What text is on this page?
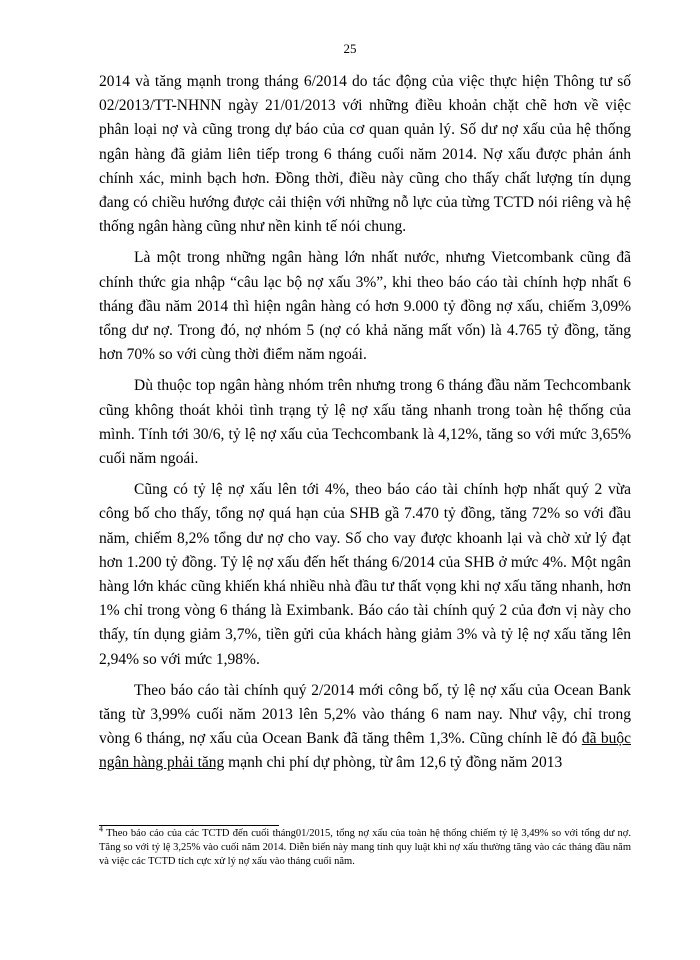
25

2014 và tăng mạnh trong tháng 6/2014 do tác động của việc thực hiện Thông tư số 02/2013/TT-NHNN ngày 21/01/2013 với những điều khoản chặt chẽ hơn về việc phân loại nợ và cũng trong dự báo của cơ quan quản lý. Số dư nợ xấu của hệ thống ngân hàng đã giảm liên tiếp trong 6 tháng cuối năm 2014. Nợ xấu được phản ánh chính xác, minh bạch hơn. Đồng thời, điều này cũng cho thấy chất lượng tín dụng đang có chiều hướng được cải thiện với những nỗ lực của từng TCTD nói riêng và hệ thống ngân hàng cũng như nền kinh tế nói chung.

Là một trong những ngân hàng lớn nhất nước, nhưng Vietcombank cũng đã chính thức gia nhập “câu lạc bộ nợ xấu 3%”, khi theo báo cáo tài chính hợp nhất 6 tháng đầu năm 2014 thì hiện ngân hàng có hơn 9.000 tỷ đồng nợ xấu, chiếm 3,09% tổng dư nợ. Trong đó, nợ nhóm 5 (nợ có khả năng mất vốn) là 4.765 tỷ đồng, tăng hơn 70% so với cùng thời điểm năm ngoái.

Dù thuộc top ngân hàng nhóm trên nhưng trong 6 tháng đầu năm Techcombank cũng không thoát khỏi tình trạng tỷ lệ nợ xấu tăng nhanh trong toàn hệ thống của mình. Tính tới 30/6, tỷ lệ nợ xấu của Techcombank là 4,12%, tăng so với mức 3,65% cuối năm ngoái.

Cũng có tỷ lệ nợ xấu lên tới 4%, theo báo cáo tài chính hợp nhất quý 2 vừa công bố cho thấy, tổng nợ quá hạn của SHB gầ 7.470 tỷ đồng, tăng 72% so với đầu năm, chiếm 8,2% tổng dư nợ cho vay. Số cho vay được khoanh lại và chờ xử lý đạt hơn 1.200 tỷ đồng. Tỷ lệ nợ xấu đến hết tháng 6/2014 của SHB ở mức 4%. Một ngân hàng lớn khác cũng khiến khá nhiều nhà đầu tư thất vọng khi nợ xấu tăng nhanh, hơn 1% chỉ trong vòng 6 tháng là Eximbank. Báo cáo tài chính quý 2 của đơn vị này cho thấy, tín dụng giảm 3,7%, tiền gửi của khách hàng giảm 3% và tỷ lệ nợ xấu tăng lên 2,94% so với mức 1,98%.

Theo báo cáo tài chính quý 2/2014 mới công bố, tỷ lệ nợ xấu của Ocean Bank tăng từ 3,99% cuối năm 2013 lên 5,2% vào tháng 6 nam nay. Như vậy, chỉ trong vòng 6 tháng, nợ xấu của Ocean Bank đã tăng thêm 1,3%. Cũng chính lẽ đó đã buộc ngân hàng phải tăng mạnh chi phí dự phòng, từ âm 12,6 tỷ đồng năm 2013

$^4$ Theo báo cáo của các TCTD đến cuối tháng01/2015, tổng nợ xấu của toàn hệ thống chiếm tỷ lệ 3,49% so với tổng dư nợ. Tăng so với tỷ lệ 3,25% vào cuối năm 2014. Diễn biến này mang tính quy luật khi nợ xấu thường tăng vào các tháng đầu năm và việc các TCTD tích cực xử lý nợ xấu vào tháng cuối năm.
